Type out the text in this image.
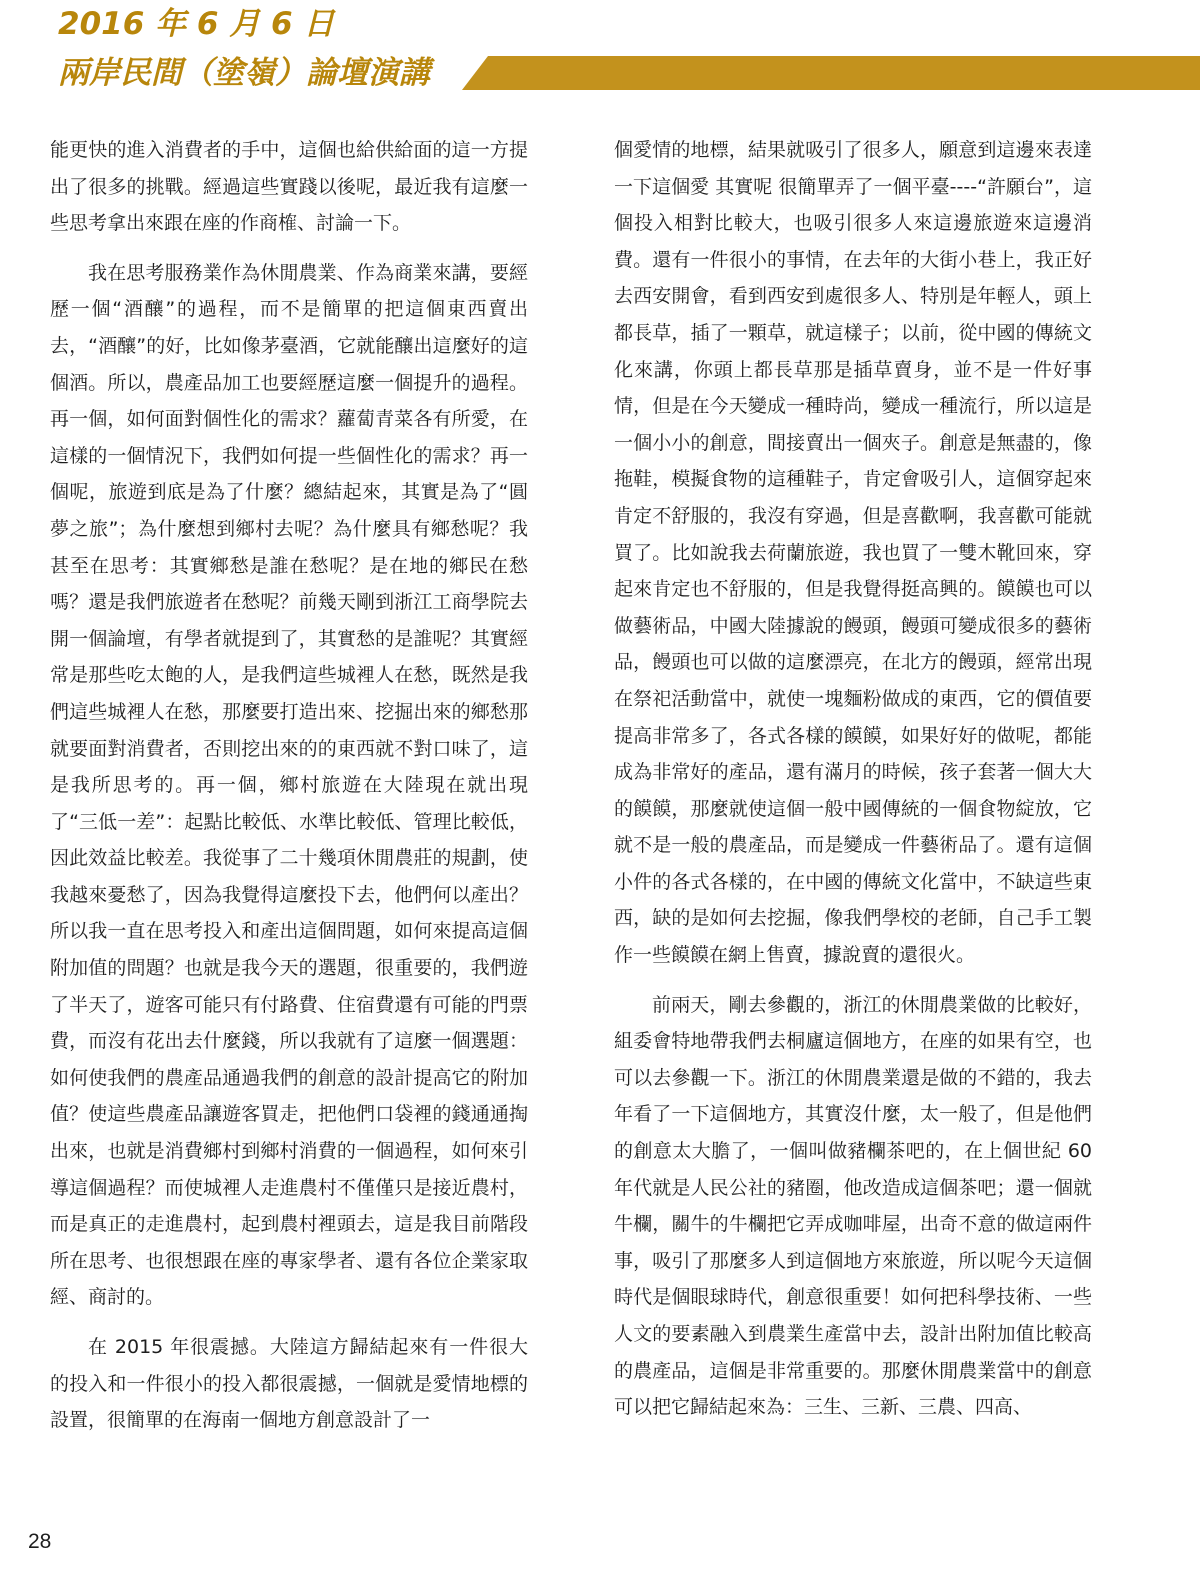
2016 年 6 月 6 日
兩岸民間（塗嶺）論壇演講

能更快的進入消費者的手中，這個也給供給面的這一方提出了很多的挑戰。經過這些實踐以後呢，最近我有這麼一些思考拿出來跟在座的作商榷、討論一下。

我在思考服務業作為休閒農業、作為商業來講，要經歷一個“酒釀”的過程，而不是簡單的把這個東西賣出去，“酒釀”的好，比如像茅臺酒，它就能釀出這麼好的這個酒。所以，農產品加工也要經歷這麼一個提升的過程。再一個，如何面對個性化的需求？蘿蔔青菜各有所愛，在這樣的一個情況下，我們如何提一些個性化的需求？再一個呢，旅遊到底是為了什麼？總結起來，其實是為了“圓夢之旅”；為什麼想到鄉村去呢？為什麼具有鄉愁呢？我甚至在思考：其實鄉愁是誰在愁呢？是在地的鄉民在愁嗎？還是我們旅遊者在愁呢？前幾天剛到浙江工商學院去開一個論壇，有學者就提到了，其實愁的是誰呢？其實經常是那些吃太飽的人，是我們這些城裡人在愁，既然是我們這些城裡人在愁，那麼要打造出來、挖掘出來的鄉愁那就要面對消費者，否則挖出來的的東西就不對口味了，這是我所思考的。再一個，鄉村旅遊在大陸現在就出現了“三低一差”：起點比較低、水準比較低、管理比較低，因此效益比較差。我從事了二十幾項休閒農莊的規劃，使我越來憂愁了，因為我覺得這麼投下去，他們何以產出？所以我一直在思考投入和產出這個問題，如何來提高這個附加值的問題？也就是我今天的選題，很重要的，我們遊了半天了，遊客可能只有付路費、住宿費還有可能的門票費，而沒有花出去什麼錢，所以我就有了這麼一個選題：如何使我們的農產品通過我們的創意的設計提高它的附加值？使這些農產品讓遊客買走，把他們口袋裡的錢通通掏出來，也就是消費鄉村到鄉村消費的一個過程，如何來引導這個過程？而使城裡人走進農村不僅僅只是接近農村，而是真正的走進農村，起到農村裡頭去，這是我目前階段所在思考、也很想跟在座的專家學者、還有各位企業家取經、商討的。

在 2015 年很震撼。大陸這方歸結起來有一件很大的投入和一件很小的投入都很震撼，一個就是愛情地標的設置，很簡單的在海南一個地方創意設計了一

個愛情的地標，結果就吸引了很多人，願意到這邊來表達一下這個愛 其實呢 很簡單弄了一個平臺----“許願台”，這個投入相對比較大，也吸引很多人來這邊旅遊來這邊消費。還有一件很小的事情，在去年的大街小巷上，我正好去西安開會，看到西安到處很多人、特別是年輕人，頭上都長草，插了一顆草，就這樣子；以前，從中國的傳統文化來講，你頭上都長草那是插草賣身，並不是一件好事情，但是在今天變成一種時尚，變成一種流行，所以這是一個小小的創意，間接賣出一個夾子。創意是無盡的，像拖鞋，模擬食物的這種鞋子，肯定會吸引人，這個穿起來肯定不舒服的，我沒有穿過，但是喜歡啊，我喜歡可能就買了。比如說我去荷蘭旅遊，我也買了一雙木靴回來，穿起來肯定也不舒服的，但是我覺得挺高興的。饃饃也可以做藝術品，中國大陸據說的饅頭，饅頭可變成很多的藝術品，饅頭也可以做的這麼漂亮，在北方的饅頭，經常出現在祭祀活動當中，就使一塊麵粉做成的東西，它的價值要提高非常多了，各式各樣的饃饃，如果好好的做呢，都能成為非常好的產品，還有滿月的時候，孩子套著一個大大的饃饃，那麼就使這個一般中國傳統的一個食物綻放，它就不是一般的農產品，而是變成一件藝術品了。還有這個小件的各式各樣的，在中國的傳統文化當中，不缺這些東西，缺的是如何去挖掘，像我們學校的老師，自己手工製作一些饃饃在網上售賣，據說賣的還很火。

前兩天，剛去參觀的，浙江的休閒農業做的比較好，組委會特地帶我們去桐廬這個地方，在座的如果有空，也可以去參觀一下。浙江的休閒農業還是做的不錯的，我去年看了一下這個地方，其實沒什麼，太一般了，但是他們的創意太大膽了，一個叫做豬欄茶吧的，在上個世紀 60 年代就是人民公社的豬圈，他改造成這個茶吧；還一個就牛欄，關牛的牛欄把它弄成咖啡屋，出奇不意的做這兩件事，吸引了那麼多人到這個地方來旅遊，所以呢今天這個時代是個眼球時代，創意很重要！如何把科學技術、一些人文的要素融入到農業生產當中去，設計出附加值比較高的農產品，這個是非常重要的。那麼休閒農業當中的創意可以把它歸結起來為：三生、三新、三農、四高、

28
